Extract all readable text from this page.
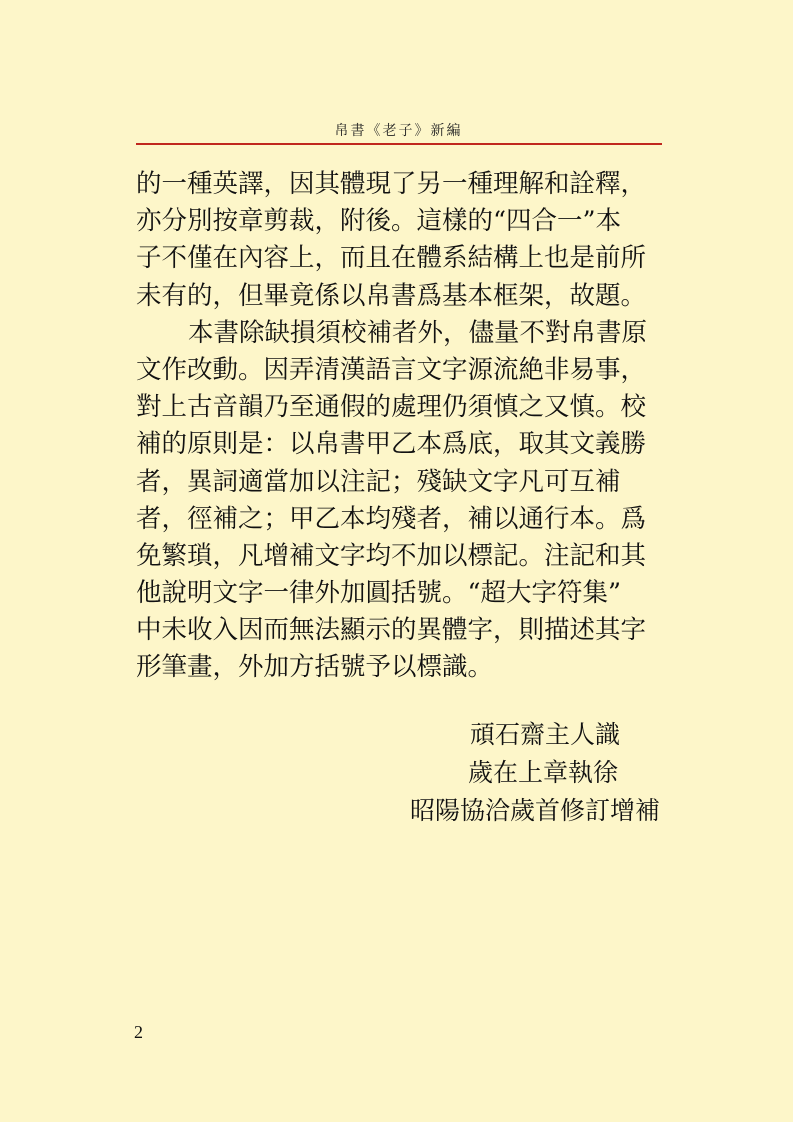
帛書《老子》新編
的一種英譯，因其體現了另一種理解和詮釋，
亦分別按章剪裁，附後。這樣的“四合一”本
子不僅在內容上，而且在體系結構上也是前所
未有的，但畢竟係以帛書爲基本框架，故題。
本書除缺損須校補者外，儘量不對帛書原
文作改動。因弄清漢語言文字源流絶非易事，
對上古音韻乃至通假的處理仍須慎之又慎。校
補的原則是：以帛書甲乙本爲底，取其文義勝
者，異詞適當加以注記；殘缺文字凡可互補
者，徑補之；甲乙本均殘者，補以通行本。爲
免繁瑣，凡增補文字均不加以標記。注記和其
他說明文字一律外加圓括號。“超大字符集”
中未收入因而無法顯示的異體字，則描述其字
形筆畫，外加方括號予以標識。
頑石齋主人識
歲在上章執徐
昭陽協洽歲首修訂增補
2
